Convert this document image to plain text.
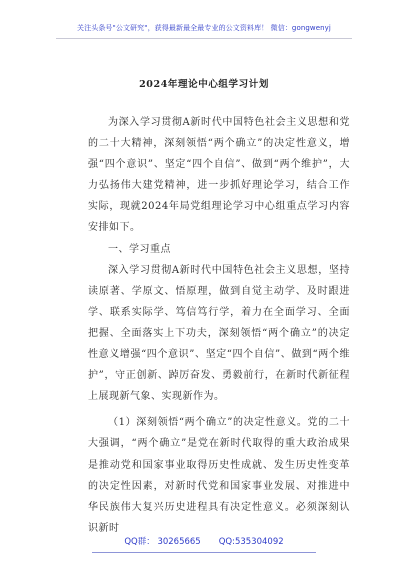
关注头条号"公文研究"，获得最新最全最专业的公文资料库！ 微信：gongwenyj
2024年理论中心组学习计划

为深入学习贯彻A新时代中国特色社会主义思想和党的二十大精神，深刻领悟“两个确立”的决定性意义，增强“四个意识”、坚定“四个自信”、做到“两个维护”，大力弘扬伟大建党精神，进一步抓好理论学习，结合工作实际，现就2024年局党组理论学习中心组重点学习内容安排如下。

一、学习重点

深入学习贯彻A新时代中国特色社会主义思想，坚持读原著、学原文、悟原理，做到自觉主动学、及时跟进学、联系实际学、笃信笃行学，着力在全面学习、全面把握、全面落实上下功夫，深刻领悟“两个确立”的决定性意义增强“四个意识”、坚定“四个自信”、做到“两个维护”，守正创新、踔厉奋发、勇毅前行，在新时代新征程上展现新气象、实现新作为。

（1）深刻领悟“两个确立”的决定性意义。党的二十大强调，“两个确立”是党在新时代取得的重大政治成果是推动党和国家事业取得历史性成就、发生历史性变革的决定性因素，对新时代党和国家事业发展、对推进中华民族伟大复兴历史进程具有决定性意义。必须深刻认识新时

QQ群： 30265665 QQ:535304092
